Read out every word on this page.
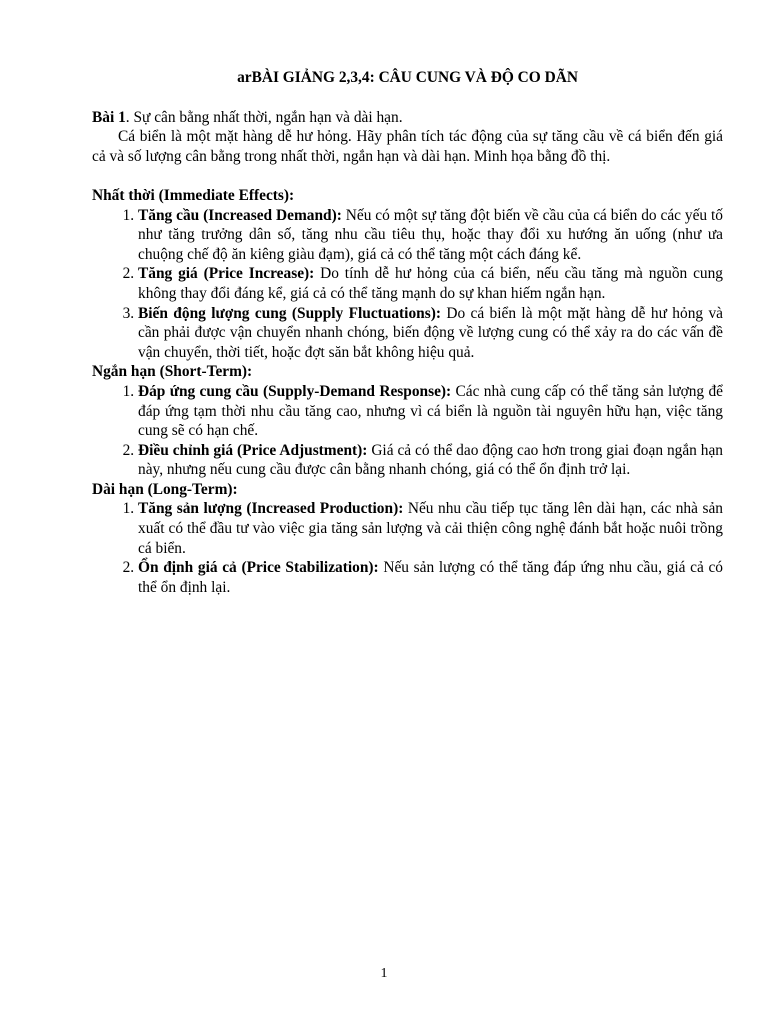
arBÀI GIẢNG 2,3,4: CÂU CUNG VÀ ĐỘ CO DÃN

Bài 1. Sự cân bằng nhất thời, ngắn hạn và dài hạn.

Cá biển là một mặt hàng dễ hư hỏng. Hãy phân tích tác động của sự tăng cầu về cá biển đến giá cả và số lượng cân bằng trong nhất thời, ngắn hạn và dài hạn. Minh họa bằng đồ thị.

Nhất thời (Immediate Effects):

1. Tăng cầu (Increased Demand): Nếu có một sự tăng đột biến về cầu của cá biển do các yếu tố như tăng trưởng dân số, tăng nhu cầu tiêu thụ, hoặc thay đổi xu hướng ăn uống (như ưa chuộng chế độ ăn kiêng giàu đạm), giá cả có thể tăng một cách đáng kể.
2. Tăng giá (Price Increase): Do tính dễ hư hỏng của cá biển, nếu cầu tăng mà nguồn cung không thay đổi đáng kể, giá cả có thể tăng mạnh do sự khan hiếm ngắn hạn.
3. Biến động lượng cung (Supply Fluctuations): Do cá biển là một mặt hàng dễ hư hỏng và cần phải được vận chuyển nhanh chóng, biến động về lượng cung có thể xảy ra do các vấn đề vận chuyển, thời tiết, hoặc đợt săn bắt không hiệu quả.

Ngắn hạn (Short-Term):

1. Đáp ứng cung cầu (Supply-Demand Response): Các nhà cung cấp có thể tăng sản lượng để đáp ứng tạm thời nhu cầu tăng cao, nhưng vì cá biển là nguồn tài nguyên hữu hạn, việc tăng cung sẽ có hạn chế.
2. Điều chỉnh giá (Price Adjustment): Giá cả có thể dao động cao hơn trong giai đoạn ngắn hạn này, nhưng nếu cung cầu được cân bằng nhanh chóng, giá có thể ổn định trở lại.

Dài hạn (Long-Term):

1. Tăng sản lượng (Increased Production): Nếu nhu cầu tiếp tục tăng lên dài hạn, các nhà sản xuất có thể đầu tư vào việc gia tăng sản lượng và cải thiện công nghệ đánh bắt hoặc nuôi trồng cá biển.
2. Ổn định giá cả (Price Stabilization): Nếu sản lượng có thể tăng đáp ứng nhu cầu, giá cả có thể ổn định lại.
1
